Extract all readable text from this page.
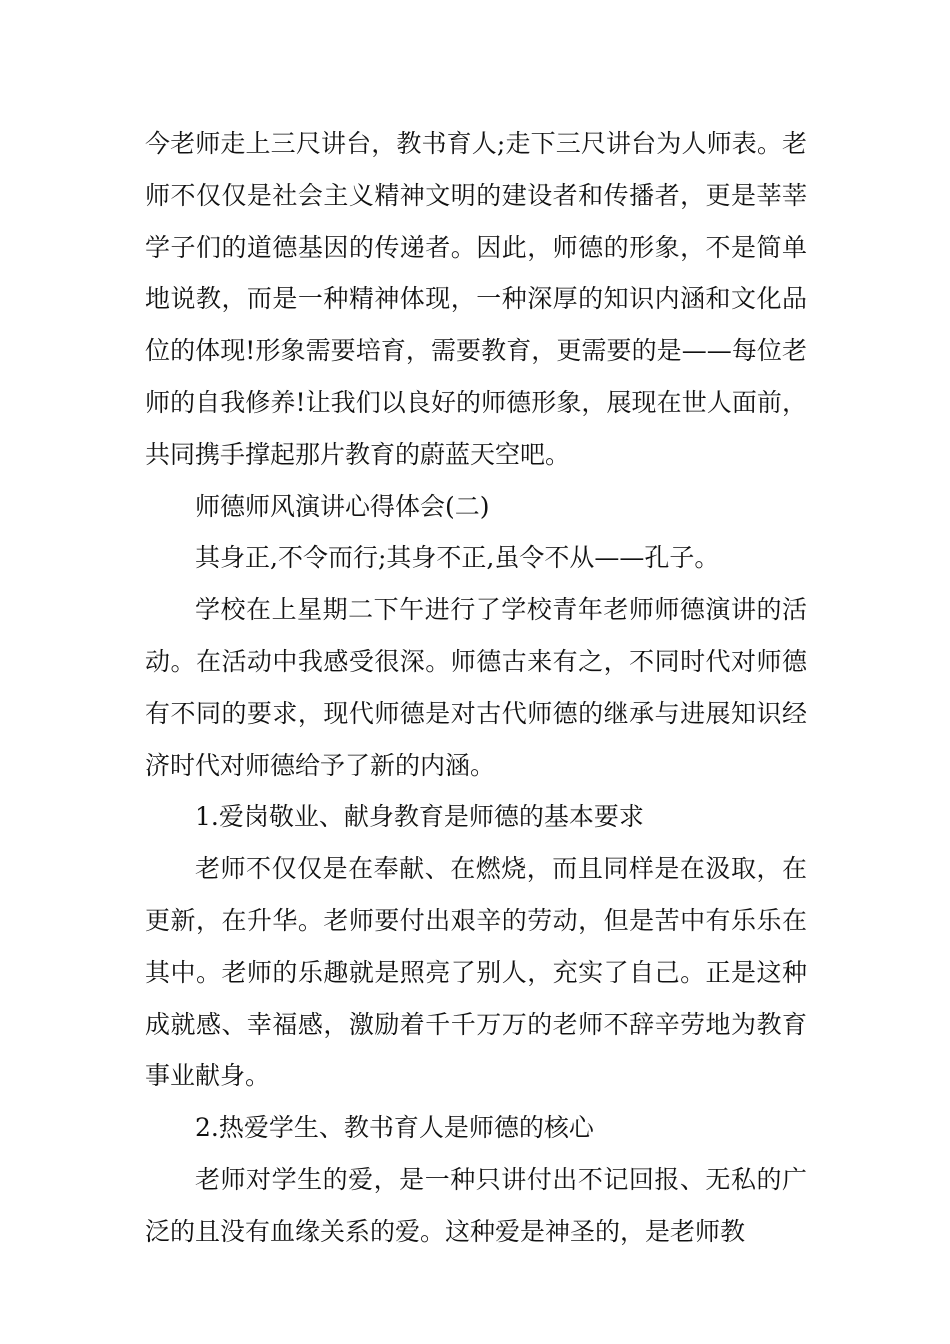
今老师走上三尺讲台，教书育人;走下三尺讲台为人师表。老师不仅仅是社会主义精神文明的建设者和传播者，更是莘莘学子们的道德基因的传递者。因此，师德的形象，不是简单地说教，而是一种精神体现，一种深厚的知识内涵和文化品位的体现!形象需要培育，需要教育，更需要的是——每位老师的自我修养!让我们以良好的师德形象，展现在世人面前，共同携手撑起那片教育的蔚蓝天空吧。

师德师风演讲心得体会(二)

其身正,不令而行;其身不正,虽令不从——孔子。

学校在上星期二下午进行了学校青年老师师德演讲的活动。在活动中我感受很深。师德古来有之，不同时代对师德有不同的要求，现代师德是对古代师德的继承与进展知识经济时代对师德给予了新的内涵。

1.爱岗敬业、献身教育是师德的基本要求

老师不仅仅是在奉献、在燃烧，而且同样是在汲取，在更新，在升华。老师要付出艰辛的劳动，但是苦中有乐乐在其中。老师的乐趣就是照亮了别人，充实了自己。正是这种成就感、幸福感，激励着千千万万的老师不辞辛劳地为教育事业献身。

2.热爱学生、教书育人是师德的核心

老师对学生的爱，是一种只讲付出不记回报、无私的广泛的且没有血缘关系的爱。这种爱是神圣的，是老师教
